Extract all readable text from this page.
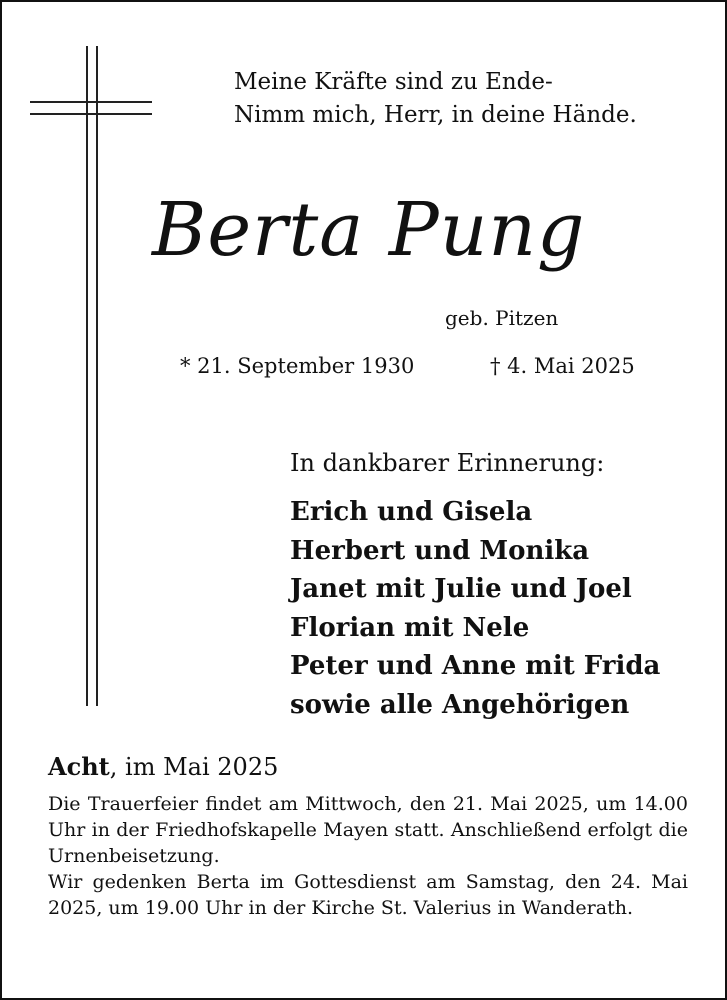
Meine Kräfte sind zu Ende-
Nimm mich, Herr, in deine Hände.
Berta Pung
geb. Pitzen
* 21. September 1930	† 4. Mai 2025
In dankbarer Erinnerung:
Erich und Gisela
Herbert und Monika
Janet mit Julie und Joel
Florian mit Nele
Peter und Anne mit Frida
sowie alle Angehörigen
Acht, im Mai 2025

Die Trauerfeier findet am Mittwoch, den 21. Mai 2025, um 14.00 Uhr in der Friedhofskapelle Mayen statt. Anschließend erfolgt die Urnenbeisetzung.

Wir gedenken Berta im Gottesdienst am Samstag, den 24. Mai 2025, um 19.00 Uhr in der Kirche St. Valerius in Wanderath.
